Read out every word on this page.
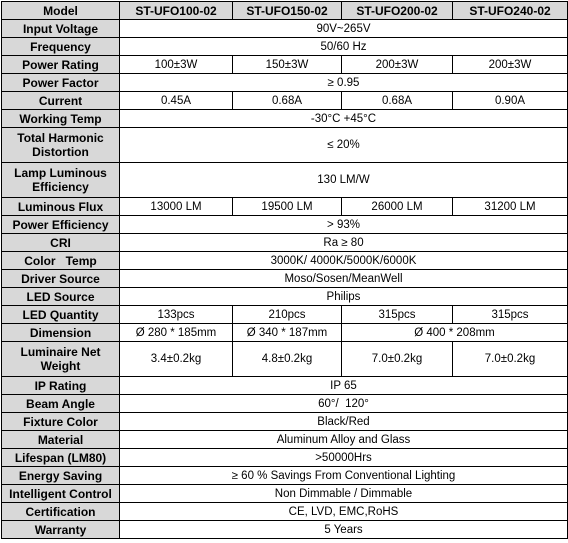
Model	ST-UFO100-02	ST-UFO150-02	ST-UFO200-02	ST-UFO240-02
Input Voltage	90V~265V			
Frequency	50/60 Hz			
Power Rating	100±3W	150±3W	200±3W	200±3W
Power Factor	≥ 0.95			
Current	0.45A	0.68A	0.68A	0.90A
Working Temp	-30°C +45°C			
Total Harmonic Distortion	≤ 20%			
Lamp Luminous Efficiency	130 LM/W			
Luminous Flux	13000 LM	19500 LM	26000 LM	31200 LM
Power Efficiency	> 93%			
CRI	Ra ≥ 80			
Color   Temp	3000K/ 4000K/5000K/6000K			
Driver Source	Moso/Sosen/MeanWell			
LED Source	Philips			
LED Quantity	133pcs	210pcs	315pcs	315pcs
Dimension	Ø 280 * 185mm	Ø 340 * 187mm	Ø 400 * 208mm	
Luminaire Net Weight	3.4±0.2kg	4.8±0.2kg	7.0±0.2kg	7.0±0.2kg
IP Rating	IP 65			
Beam Angle	60°/  120°			
Fixture Color	Black/Red			
Material	Aluminum Alloy and Glass			
Lifespan (LM80)	>50000Hrs			
Energy Saving	≥ 60 % Savings From Conventional Lighting			
Intelligent Control	Non Dimmable / Dimmable			
Certification	CE, LVD, EMC,RoHS			
Warranty	5 Years			
